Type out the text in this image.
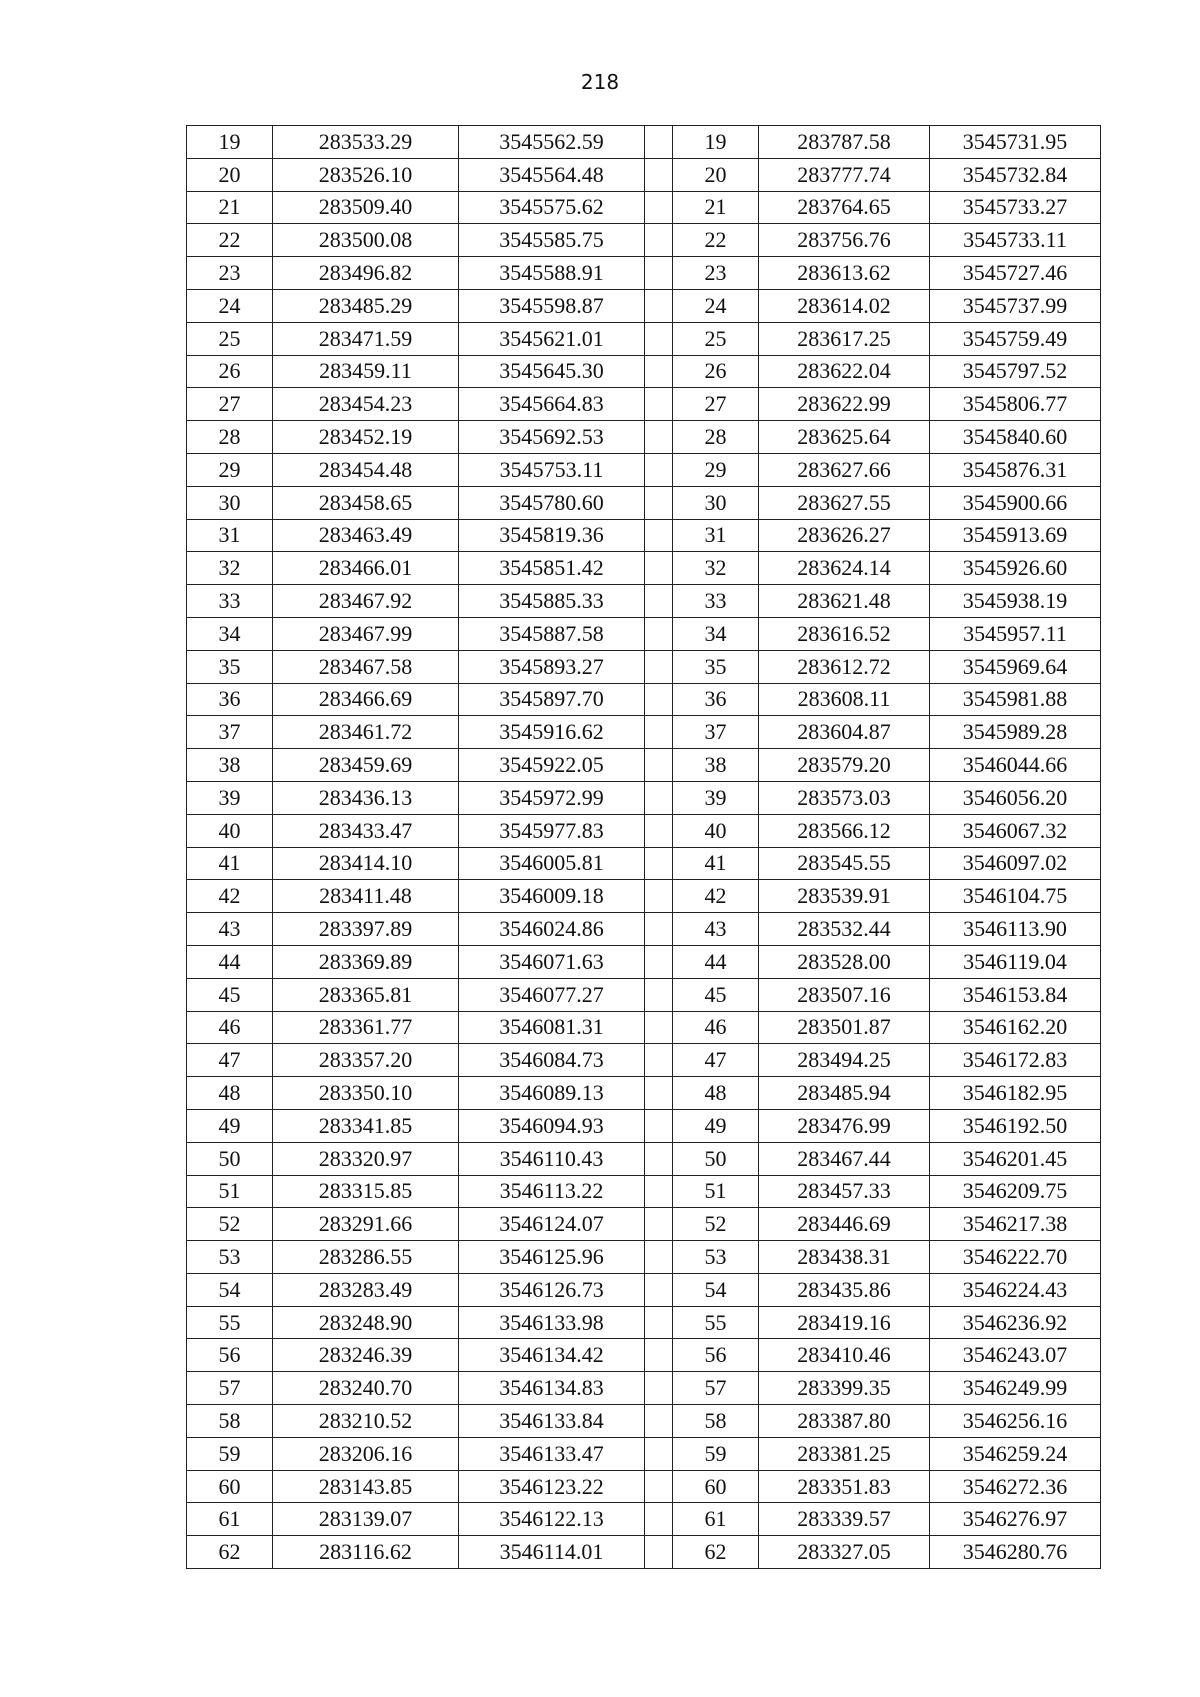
218
19	283533.29	3545562.59		19	283787.58	3545731.95
20	283526.10	3545564.48		20	283777.74	3545732.84
21	283509.40	3545575.62		21	283764.65	3545733.27
22	283500.08	3545585.75		22	283756.76	3545733.11
23	283496.82	3545588.91		23	283613.62	3545727.46
24	283485.29	3545598.87		24	283614.02	3545737.99
25	283471.59	3545621.01		25	283617.25	3545759.49
26	283459.11	3545645.30		26	283622.04	3545797.52
27	283454.23	3545664.83		27	283622.99	3545806.77
28	283452.19	3545692.53		28	283625.64	3545840.60
29	283454.48	3545753.11		29	283627.66	3545876.31
30	283458.65	3545780.60		30	283627.55	3545900.66
31	283463.49	3545819.36		31	283626.27	3545913.69
32	283466.01	3545851.42		32	283624.14	3545926.60
33	283467.92	3545885.33		33	283621.48	3545938.19
34	283467.99	3545887.58		34	283616.52	3545957.11
35	283467.58	3545893.27		35	283612.72	3545969.64
36	283466.69	3545897.70		36	283608.11	3545981.88
37	283461.72	3545916.62		37	283604.87	3545989.28
38	283459.69	3545922.05		38	283579.20	3546044.66
39	283436.13	3545972.99		39	283573.03	3546056.20
40	283433.47	3545977.83		40	283566.12	3546067.32
41	283414.10	3546005.81		41	283545.55	3546097.02
42	283411.48	3546009.18		42	283539.91	3546104.75
43	283397.89	3546024.86		43	283532.44	3546113.90
44	283369.89	3546071.63		44	283528.00	3546119.04
45	283365.81	3546077.27		45	283507.16	3546153.84
46	283361.77	3546081.31		46	283501.87	3546162.20
47	283357.20	3546084.73		47	283494.25	3546172.83
48	283350.10	3546089.13		48	283485.94	3546182.95
49	283341.85	3546094.93		49	283476.99	3546192.50
50	283320.97	3546110.43		50	283467.44	3546201.45
51	283315.85	3546113.22		51	283457.33	3546209.75
52	283291.66	3546124.07		52	283446.69	3546217.38
53	283286.55	3546125.96		53	283438.31	3546222.70
54	283283.49	3546126.73		54	283435.86	3546224.43
55	283248.90	3546133.98		55	283419.16	3546236.92
56	283246.39	3546134.42		56	283410.46	3546243.07
57	283240.70	3546134.83		57	283399.35	3546249.99
58	283210.52	3546133.84		58	283387.80	3546256.16
59	283206.16	3546133.47		59	283381.25	3546259.24
60	283143.85	3546123.22		60	283351.83	3546272.36
61	283139.07	3546122.13		61	283339.57	3546276.97
62	283116.62	3546114.01		62	283327.05	3546280.76
